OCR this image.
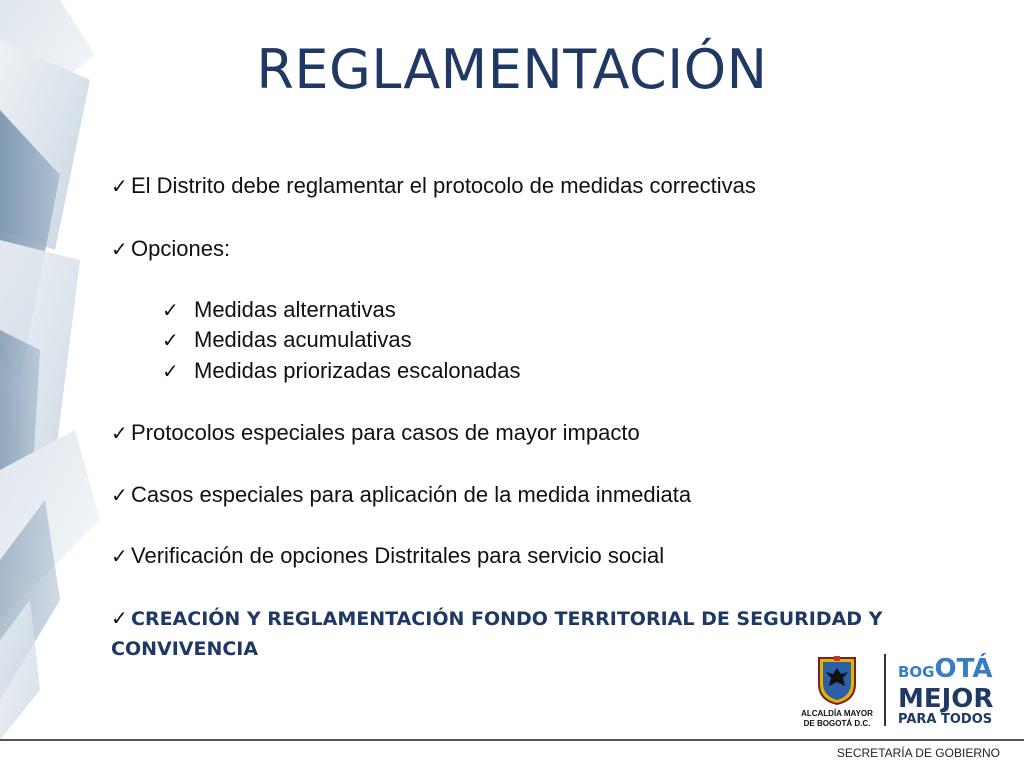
REGLAMENTACIÓN
✓ El Distrito debe reglamentar el protocolo de medidas correctivas
✓ Opciones:
✓ Medidas alternativas
✓ Medidas acumulativas
✓ Medidas priorizadas escalonadas
✓ Protocolos especiales para casos de mayor impacto
✓ Casos especiales para aplicación de la medida inmediata
✓ Verificación de opciones Distritales para servicio social
✓ CREACIÓN Y REGLAMENTACIÓN FONDO TERRITORIAL DE SEGURIDAD Y CONVIVENCIA
ALCALDÍA MAYOR
DE BOGOTÁ D.C.
BOGOTÁ
MEJOR
PARA TODOS
SECRETARÍA DE GOBIERNO
